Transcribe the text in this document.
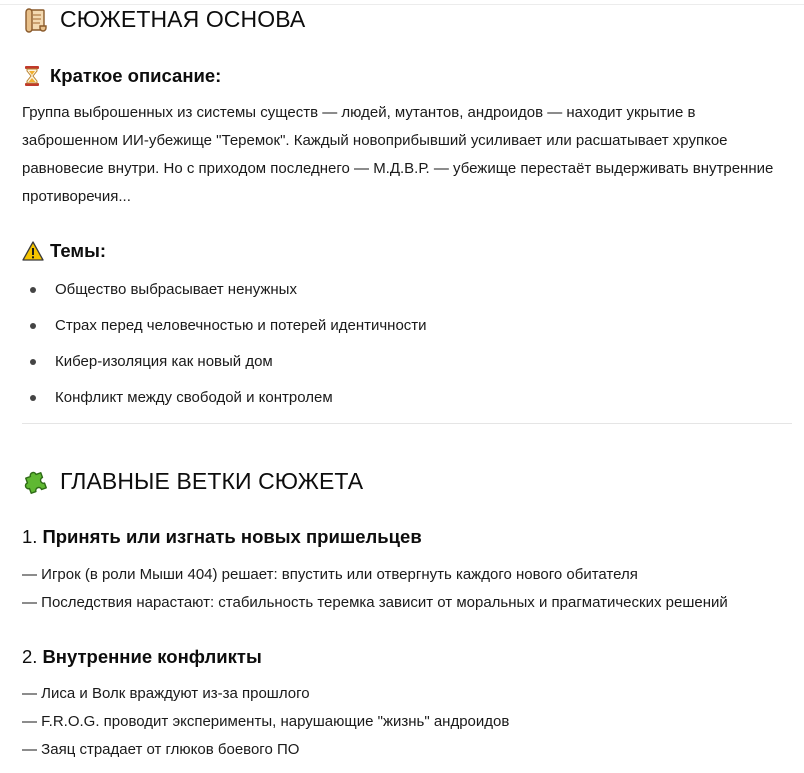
СЮЖЕТНАЯ ОСНОВА
Краткое описание:
Группа выброшенных из системы существ — людей, мутантов, андроидов — находит укрытие в заброшенном ИИ-убежище "Теремок". Каждый новоприбывший усиливает или расшатывает хрупкое равновесие внутри. Но с приходом последнего — М.Д.В.Р. — убежище перестаёт выдерживать внутренние противоречия...
Темы:
Общество выбрасывает ненужных
Страх перед человечностью и потерей идентичности
Кибер-изоляция как новый дом
Конфликт между свободой и контролем
ГЛАВНЫЕ ВЕТКИ СЮЖЕТА
1. Принять или изгнать новых пришельцев
— Игрок (в роли Мыши 404) решает: впустить или отвергнуть каждого нового обитателя
— Последствия нарастают: стабильность теремка зависит от моральных и прагматических решений
2. Внутренние конфликты
— Лиса и Волк враждуют из-за прошлого
— F.R.O.G. проводит эксперименты, нарушающие "жизнь" андроидов
— Заяц страдает от глюков боевого ПО
